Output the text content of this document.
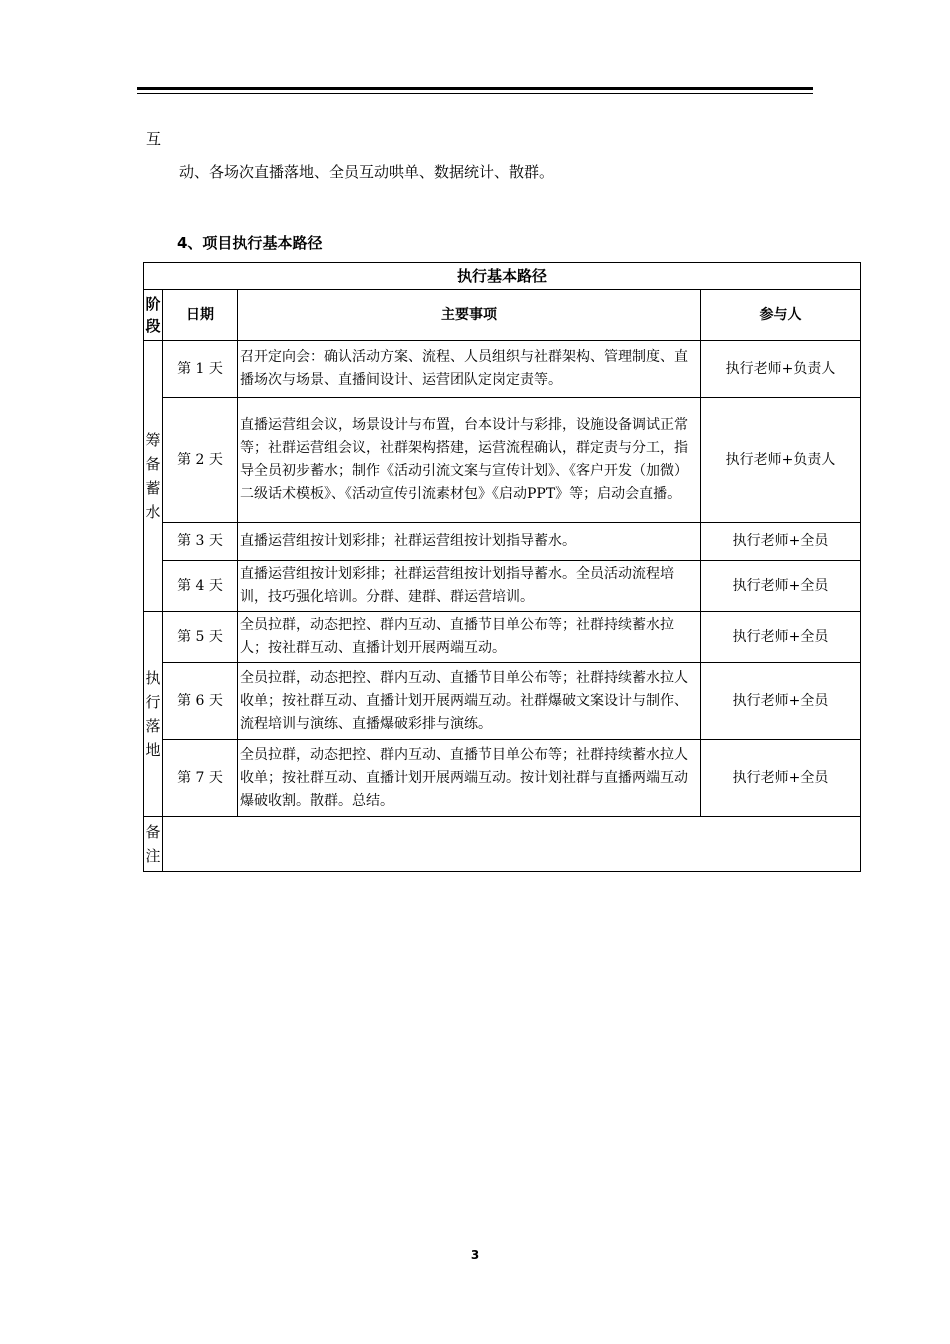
互
动、各场次直播落地、全员互动哄单、数据统计、散群。
4、项目执行基本路径
执行基本路径			
阶段	日期	主要事项	参与人
筹备蓄水	第 1 天	召开定向会：确认活动方案、流程、人员组织与社群架构、管理制度、直播场次与场景、直播间设计、运营团队定岗定责等。	执行老师+负责人
	第 2 天	直播运营组会议，场景设计与布置，台本设计与彩排，设施设备调试正常等；社群运营组会议，社群架构搭建，运营流程确认，群定责与分工，指导全员初步蓄水；制作《活动引流文案与宣传计划》、《客户开发（加微）二级话术模板》、《活动宣传引流素材包》《启动PPT》等；启动会直播。	执行老师+负责人
	第 3 天	直播运营组按计划彩排；社群运营组按计划指导蓄水。	执行老师+全员
	第 4 天	直播运营组按计划彩排；社群运营组按计划指导蓄水。全员活动流程培训，技巧强化培训。分群、建群、群运营培训。	执行老师+全员
执行落地	第 5 天	全员拉群，动态把控、群内互动、直播节目单公布等；社群持续蓄水拉人；按社群互动、直播计划开展两端互动。	执行老师+全员
	第 6 天	全员拉群，动态把控、群内互动、直播节目单公布等；社群持续蓄水拉人收单；按社群互动、直播计划开展两端互动。社群爆破文案设计与制作、流程培训与演练、直播爆破彩排与演练。	执行老师+全员
	第 7 天	全员拉群，动态把控、群内互动、直播节目单公布等；社群持续蓄水拉人收单；按社群互动、直播计划开展两端互动。按计划社群与直播两端互动爆破收割。散群。总结。	执行老师+全员
备注			
3
